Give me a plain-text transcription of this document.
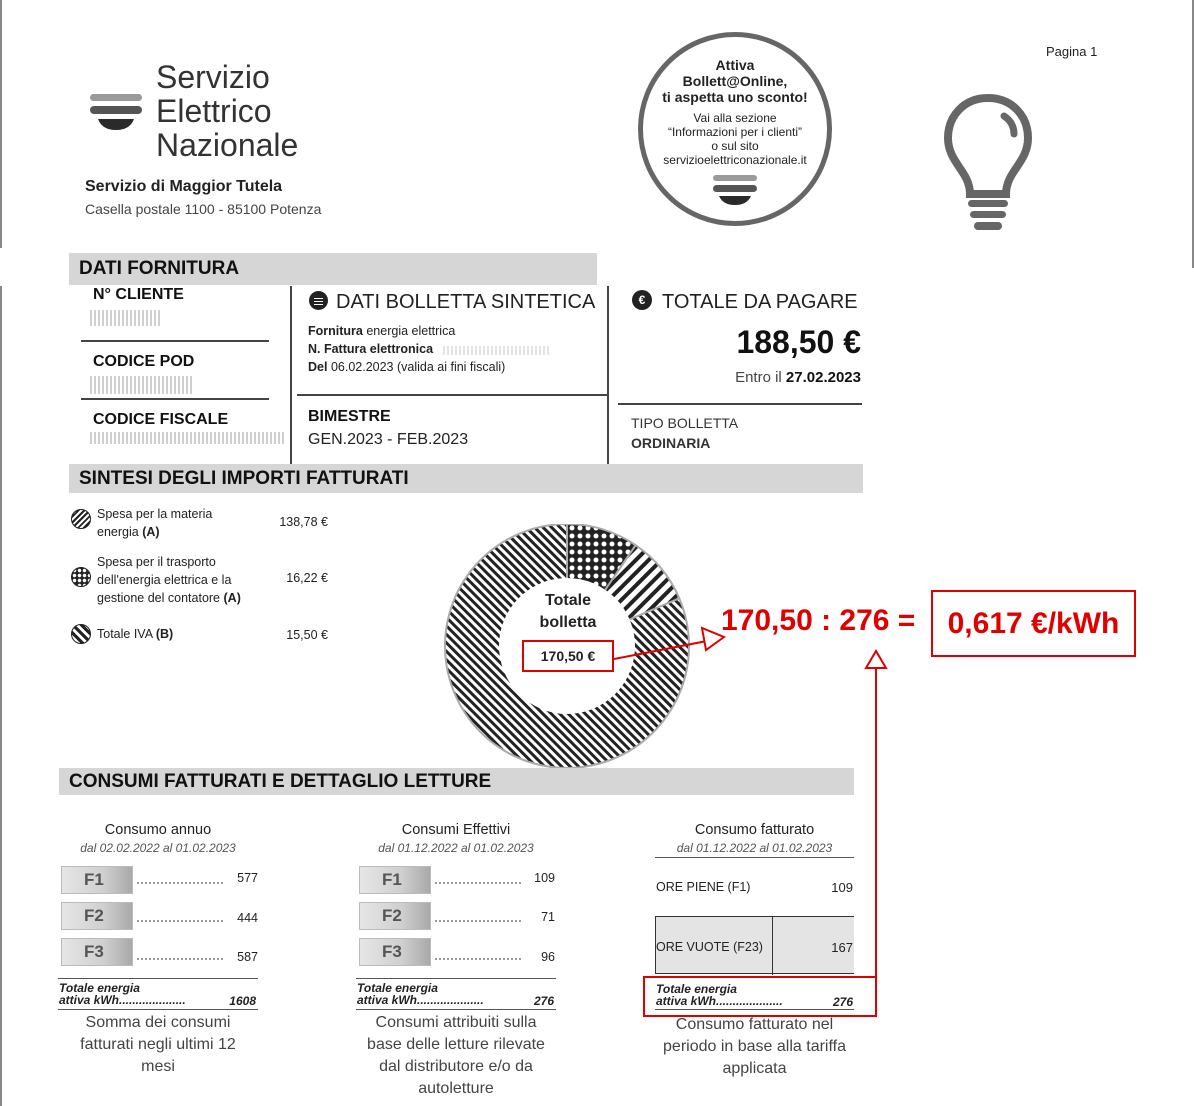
Pagina 1
Servizio
Elettrico
Nazionale
Servizio di Maggior Tutela
Casella postale 1100 - 85100 Potenza
Attiva
Bollett@Online,
ti aspetta uno sconto!
Vai alla sezione
“Informazioni per i clienti”
o sul sito
servizioelettriconazionale.it
DATI FORNITURA
N° CLIENTE
CODICE POD
CODICE FISCALE
DATI BOLLETTA SINTETICA
Fornitura energia elettrica
N. Fattura elettronica
Del 06.02.2023 (valida ai fini fiscali)
BIMESTRE
GEN.2023 - FEB.2023
€ TOTALE DA PAGARE
188,50 €
Entro il 27.02.2023
TIPO BOLLETTA
ORDINARIA
SINTESI DEGLI IMPORTI FATTURATI
Spesa per la materia
energia (A)
138,78 €
Spesa per il trasporto
dell'energia elettrica e la
gestione del contatore (A)
16,22 €
Totale IVA (B)	15,50 €
Totale
bolletta
170,50 €
170,50 : 276 =	0,617 €/kWh
CONSUMI FATTURATI E DETTAGLIO LETTURE
Consumo annuo
dal 02.02.2022 al 01.02.2023
F1	577
F2	444
F3	587
Totale energia
attiva kWh....................	1608
Somma dei consumi
fatturati negli ultimi 12
mesi
Consumi Effettivi
dal 01.12.2022 al 01.02.2023
F1	109
F2	71
F3	96
Totale energia
attiva kWh....................	276
Consumi attribuiti sulla
base delle letture rilevate
dal distributore e/o da
autoletture
Consumo fatturato
dal 01.12.2022 al 01.02.2023
ORE PIENE (F1)	109
ORE VUOTE (F23)	167
Totale energia
attiva kWh....................	276
Consumo fatturato nel
periodo in base alla tariffa
applicata
